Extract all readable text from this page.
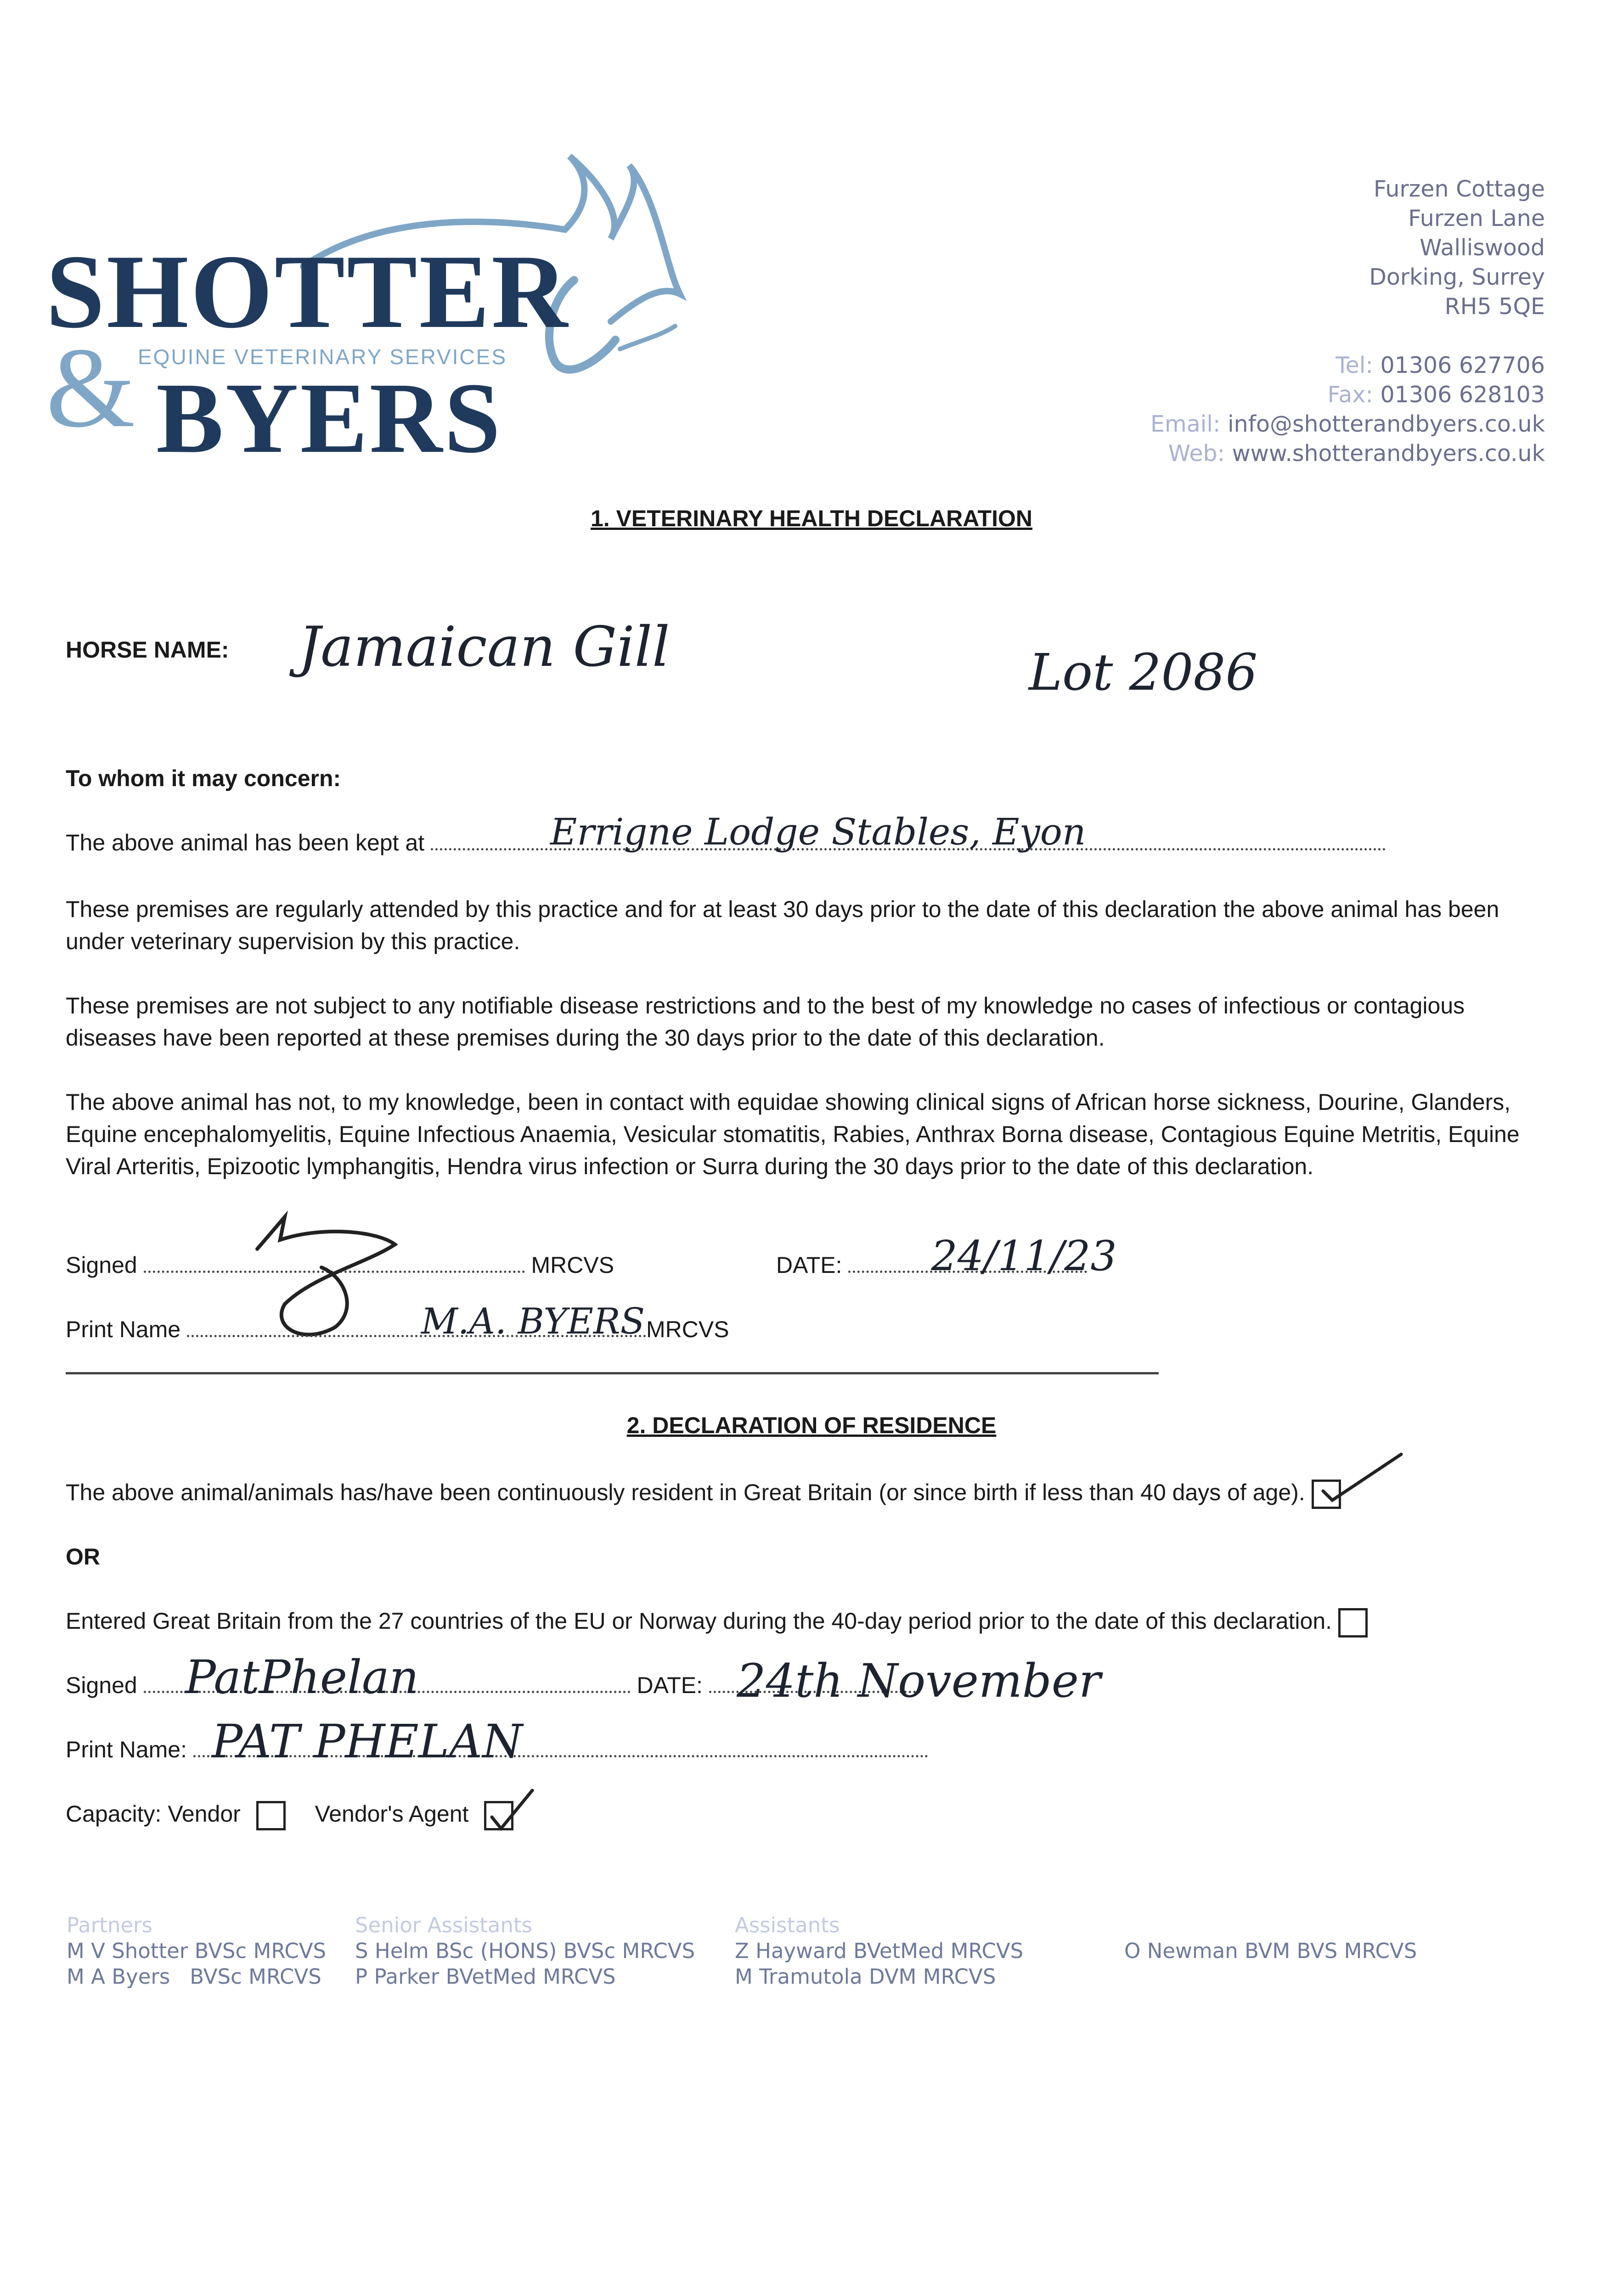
SHOTTER
EQUINE VETERINARY SERVICES
& BYERS
Furzen Cottage
Furzen Lane
Walliswood
Dorking, Surrey
RH5 5QE
Tel: 01306 627706
Fax: 01306 628103
Email: info@shotterandbyers.co.uk
Web: www.shotterandbyers.co.uk
1. VETERINARY HEALTH DECLARATION
HORSE NAME: Jamaican Gill	Lot 2086
To whom it may concern:
The above animal has been kept at	Errigne Lodge Stables, Eyon
These premises are regularly attended by this practice and for at least 30 days prior to the date of this declaration the above animal has been under veterinary supervision by this practice.
These premises are not subject to any notifiable disease restrictions and to the best of my knowledge no cases of infectious or contagious diseases have been reported at these premises during the 30 days prior to the date of this declaration.
The above animal has not, to my knowledge, been in contact with equidae showing clinical signs of African horse sickness, Dourine, Glanders, Equine encephalomyelitis, Equine Infectious Anaemia, Vesicular stomatitis, Rabies, Anthrax Borna disease, Contagious Equine Metritis, Equine Viral Arteritis, Epizootic lymphangitis, Hendra virus infection or Surra during the 30 days prior to the date of this declaration.
Signed	MRCVS	DATE: 24/11/23
Print Name	M.A. BYERS MRCVS
2. DECLARATION OF RESIDENCE
The above animal/animals has/have been continuously resident in Great Britain (or since birth if less than 40 days of age).
OR
Entered Great Britain from the 27 countries of the EU or Norway during the 40-day period prior to the date of this declaration.
Signed PatPhelan	DATE: 24th November
Print Name: PAT PHELAN
Capacity: Vendor	Vendor's Agent
Partners
M V Shotter BVSc MRCVS
M A Byers   BVSc MRCVS
Senior Assistants
S Helm BSc (HONS) BVSc MRCVS
P Parker BVetMed MRCVS
Assistants
Z Hayward BVetMed MRCVS
M Tramutola DVM MRCVS
O Newman BVM BVS MRCVS
